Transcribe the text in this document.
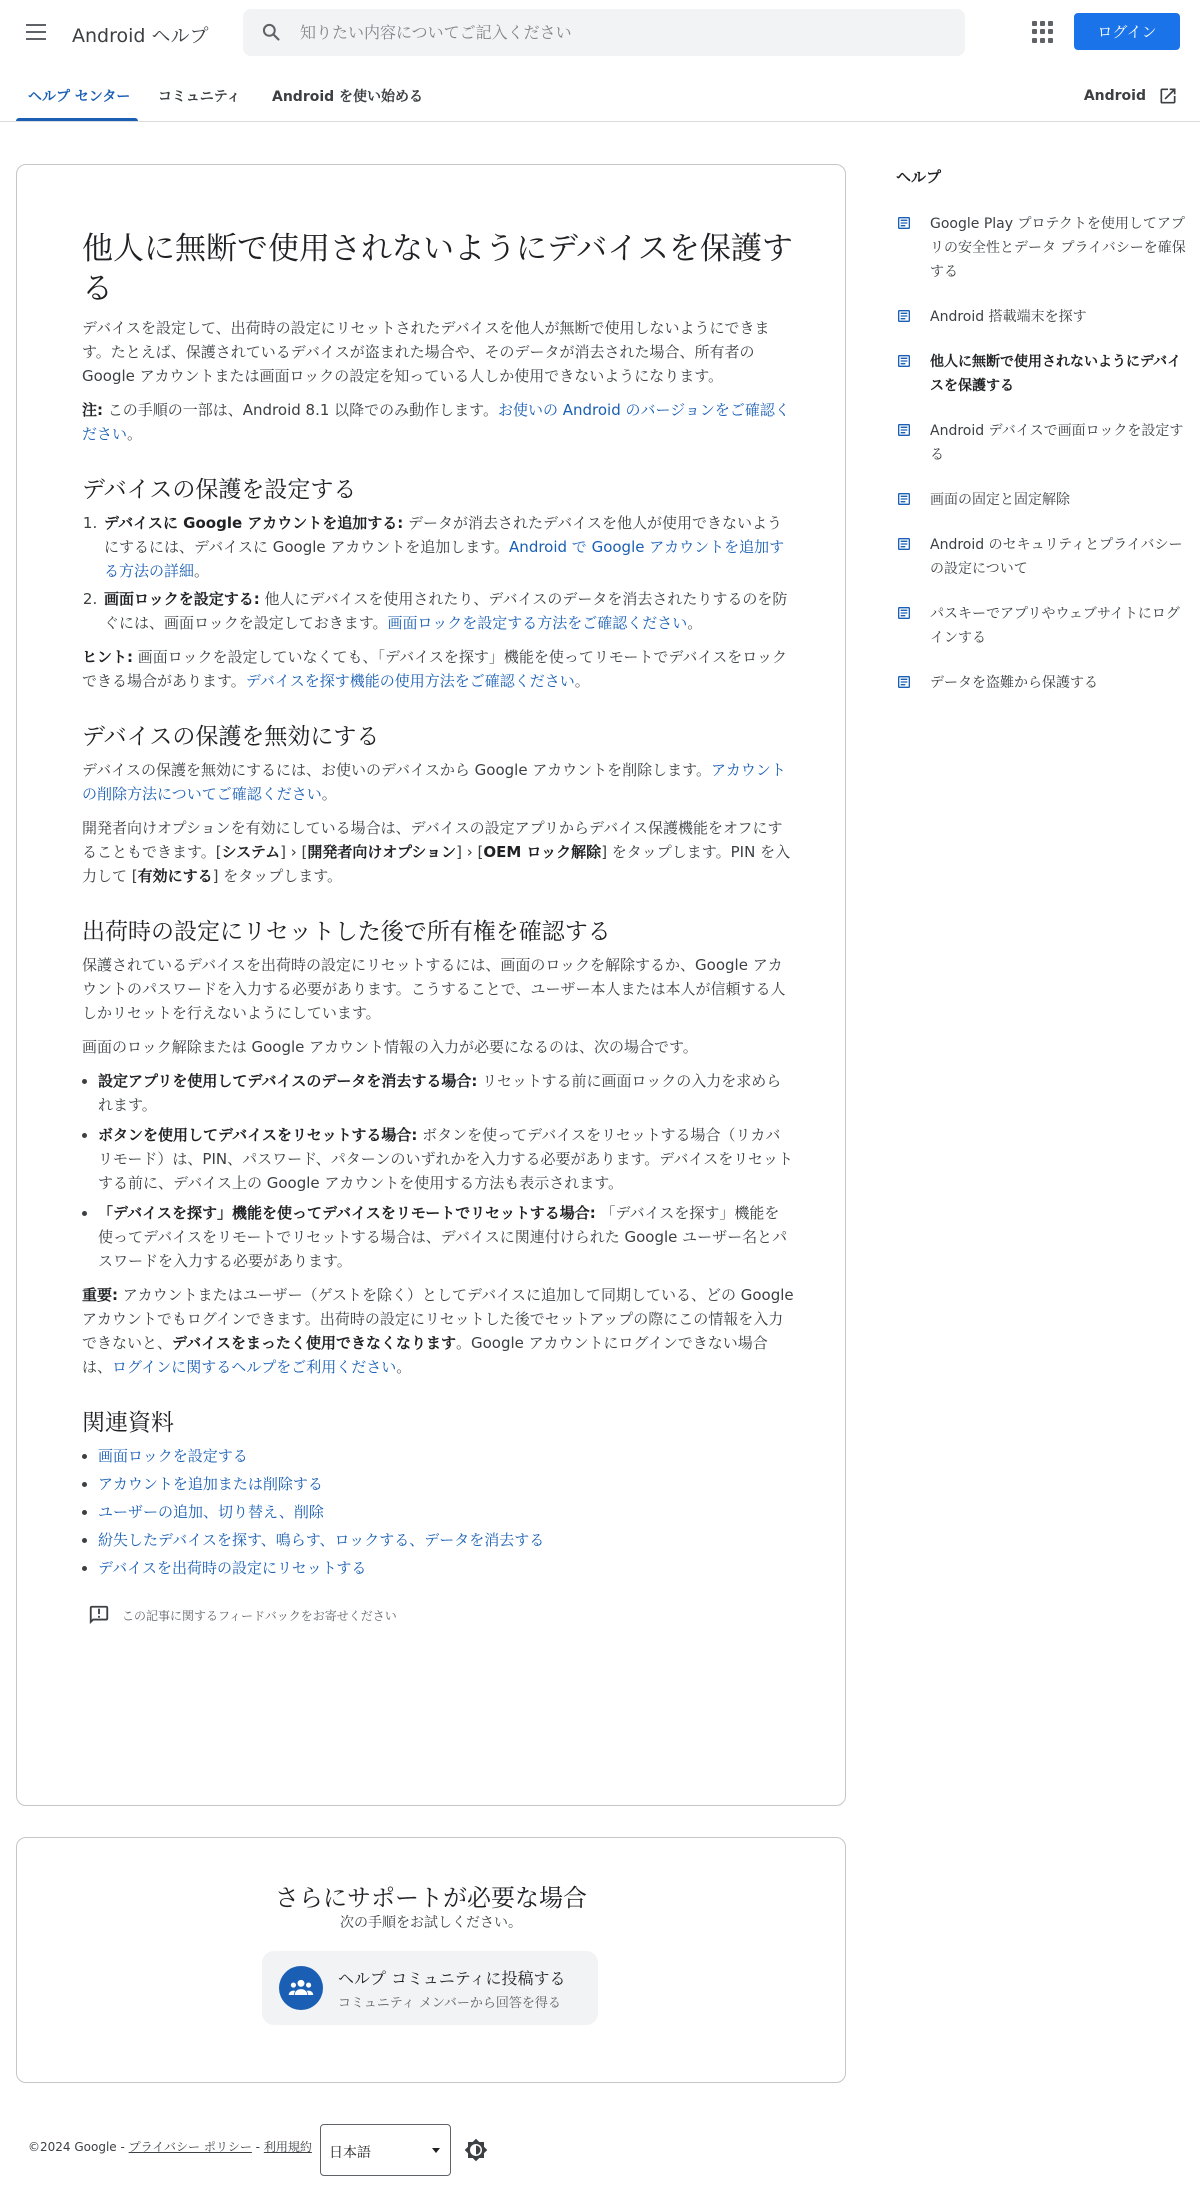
Android ヘルプ
知りたい内容についてご記入ください	ログイン
ヘルプ センター コミュニティ Android を使い始める	Android
他人に無断で使用されないようにデバイスを保護する

デバイスを設定して、出荷時の設定にリセットされたデバイスを他人が無断で使用しないようにできます。たとえば、保護されているデバイスが盗まれた場合や、そのデータが消去された場合、所有者の Google アカウントまたは画面ロックの設定を知っている人しか使用できないようになります。

注: この手順の一部は、Android 8.1 以降でのみ動作します。お使いの Android のバージョンをご確認ください。

デバイスの保護を設定する
1. デバイスに Google アカウントを追加する: データが消去されたデバイスを他人が使用できないようにするには、デバイスに Google アカウントを追加します。Android で Google アカウントを追加する方法の詳細。
2. 画面ロックを設定する: 他人にデバイスを使用されたり、デバイスのデータを消去されたりするのを防ぐには、画面ロックを設定しておきます。画面ロックを設定する方法をご確認ください。

ヒント: 画面ロックを設定していなくても、「デバイスを探す」機能を使ってリモートでデバイスをロックできる場合があります。デバイスを探す機能の使用方法をご確認ください。

デバイスの保護を無効にする

デバイスの保護を無効にするには、お使いのデバイスから Google アカウントを削除します。アカウントの削除方法についてご確認ください。

開発者向けオプションを有効にしている場合は、デバイスの設定アプリからデバイス保護機能をオフにすることもできます。[システム] › [開発者向けオプション] › [OEM ロック解除] をタップします。PIN を入力して [有効にする] をタップします。

出荷時の設定にリセットした後で所有権を確認する

保護されているデバイスを出荷時の設定にリセットするには、画面のロックを解除するか、Google アカウントのパスワードを入力する必要があります。こうすることで、ユーザー本人または本人が信頼する人しかリセットを行えないようにしています。

画面のロック解除または Google アカウント情報の入力が必要になるのは、次の場合です。

• 設定アプリを使用してデバイスのデータを消去する場合: リセットする前に画面ロックの入力を求められます。
• ボタンを使用してデバイスをリセットする場合: ボタンを使ってデバイスをリセットする場合（リカバリモード）は、PIN、パスワード、パターンのいずれかを入力する必要があります。デバイスをリセットする前に、デバイス上の Google アカウントを使用する方法も表示されます。
• 「デバイスを探す」機能を使ってデバイスをリモートでリセットする場合: 「デバイスを探す」機能を使ってデバイスをリモートでリセットする場合は、デバイスに関連付けられた Google ユーザー名とパスワードを入力する必要があります。

重要: アカウントまたはユーザー（ゲストを除く）としてデバイスに追加して同期している、どの Google アカウントでもログインできます。出荷時の設定にリセットした後でセットアップの際にこの情報を入力できないと、デバイスをまったく使用できなくなります。Google アカウントにログインできない場合は、ログインに関するヘルプをご利用ください。

関連資料
• 画面ロックを設定する
• アカウントを追加または削除する
• ユーザーの追加、切り替え、削除
• 紛失したデバイスを探す、鳴らす、ロックする、データを消去する
• デバイスを出荷時の設定にリセットする
この記事に関するフィードバックをお寄せください
ヘルプ
Google Play プロテクトを使用してアプリの安全性とデータ プライバシーを確保する
Android 搭載端末を探す
他人に無断で使用されないようにデバイスを保護する
Android デバイスで画面ロックを設定する
画面の固定と固定解除
Android のセキュリティとプライバシーの設定について
パスキーでアプリやウェブサイトにログインする
データを盗難から保護する
さらにサポートが必要な場合
次の手順をお試しください。
ヘルプ コミュニティに投稿する
コミュニティ メンバーから回答を得る
©2024 Google - プライバシー ポリシー - 利用規約	日本語
